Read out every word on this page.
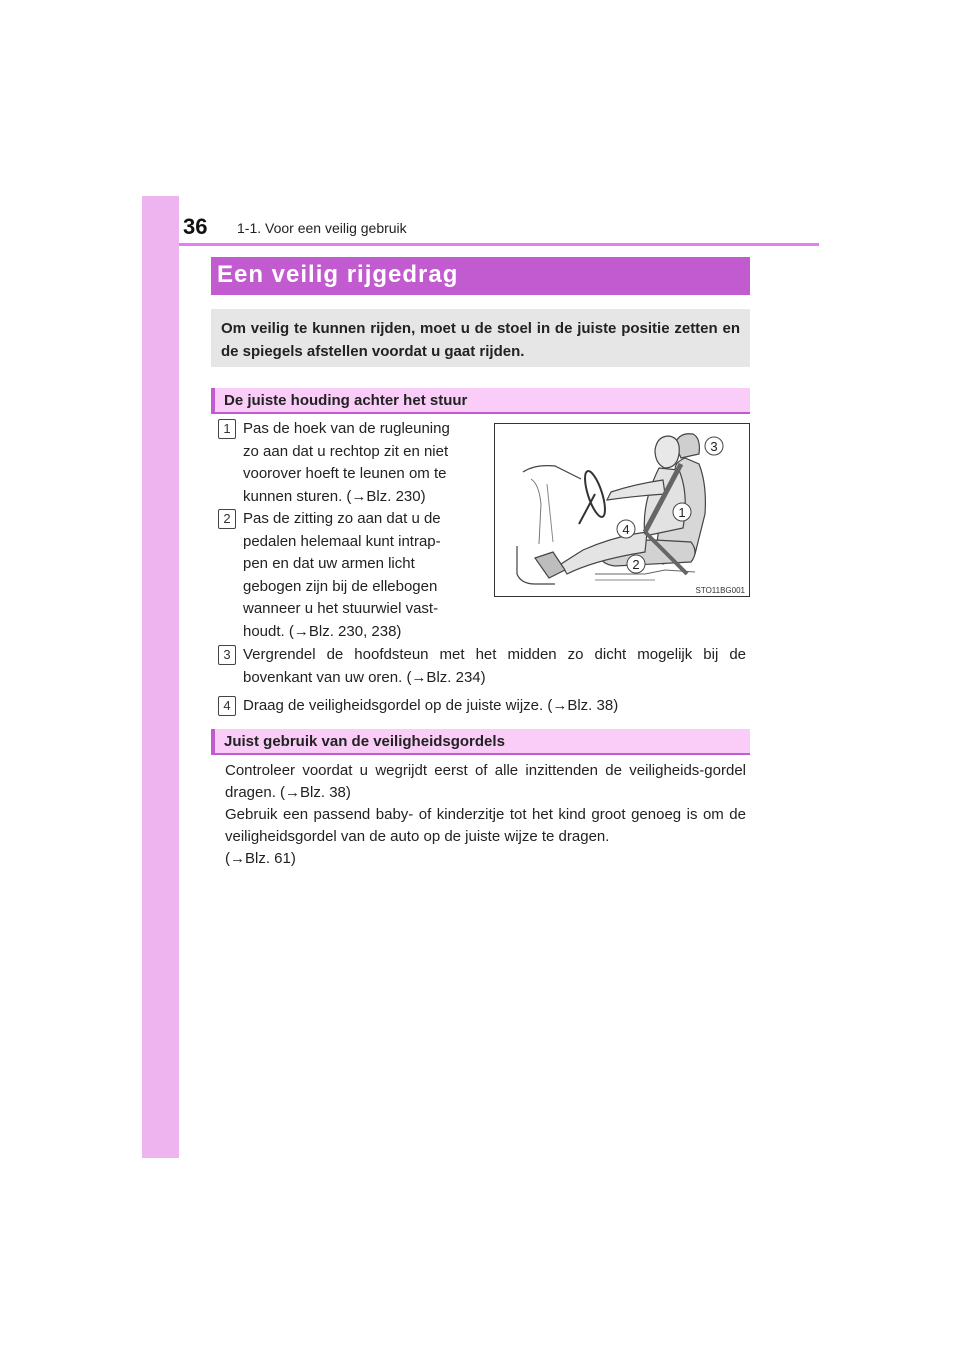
36 1-1. Voor een veilig gebruik
Een veilig rijgedrag

Om veilig te kunnen rijden, moet u de stoel in de juiste positie zetten en de spiegels afstellen voordat u gaat rijden.

De juiste houding achter het stuur
1 Pas de hoek van de rugleuning
zo aan dat u rechtop zit en niet
voorover hoeft te leunen om te
kunnen sturen. (→Blz. 230)
2 Pas de zitting zo aan dat u de
pedalen helemaal kunt intrap-
pen en dat uw armen licht
gebogen zijn bij de ellebogen
wanneer u het stuurwiel vast-
houdt. (→Blz. 230, 238)
3
1
4
2
STO11BG001
3 Vergrendel de hoofdsteun met het midden zo dicht mogelijk bij de bovenkant van uw oren. (→Blz. 234)
4 Draag de veiligheidsgordel op de juiste wijze. (→Blz. 38)
Juist gebruik van de veiligheidsgordels
Controleer voordat u wegrijdt eerst of alle inzittenden de veiligheids-gordel dragen. (→Blz. 38)
Gebruik een passend baby- of kinderzitje tot het kind groot genoeg is om de veiligheidsgordel van de auto op de juiste wijze te dragen.
(→Blz. 61)
